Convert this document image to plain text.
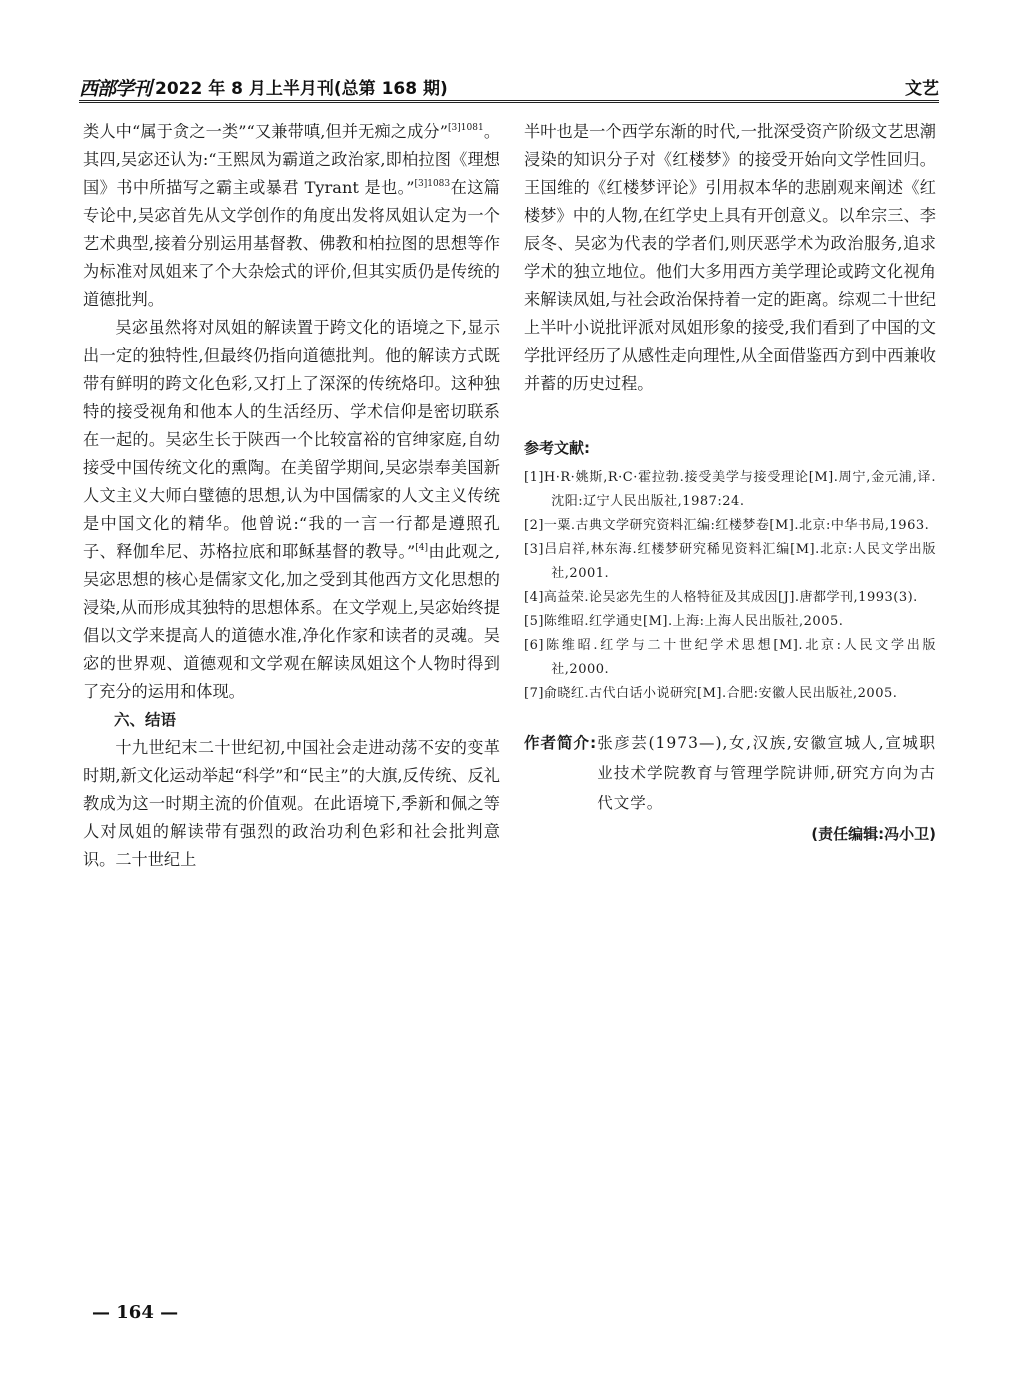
西部学刊 2022 年 8 月上半月刊(总第 168 期)	文艺

类人中“属于贪之一类”“又兼带嗔,但并无痴之成分”$^{[3]1081}$。其四,吴宓还认为:“王熙凤为霸道之政治家,即柏拉图《理想国》书中所描写之霸主或暴君 Tyrant 是也。”$^{[3]1083}$在这篇专论中,吴宓首先从文学创作的角度出发将凤姐认定为一个艺术典型,接着分别运用基督教、佛教和柏拉图的思想等作为标准对凤姐来了个大杂烩式的评价,但其实质仍是传统的道德批判。

吴宓虽然将对凤姐的解读置于跨文化的语境之下,显示出一定的独特性,但最终仍指向道德批判。他的解读方式既带有鲜明的跨文化色彩,又打上了深深的传统烙印。这种独特的接受视角和他本人的生活经历、学术信仰是密切联系在一起的。吴宓生长于陕西一个比较富裕的官绅家庭,自幼接受中国传统文化的熏陶。在美留学期间,吴宓崇奉美国新人文主义大师白璧德的思想,认为中国儒家的人文主义传统是中国文化的精华。他曾说:“我的一言一行都是遵照孔子、释伽牟尼、苏格拉底和耶稣基督的教导。”[4]由此观之,吴宓思想的核心是儒家文化,加之受到其他西方文化思想的浸染,从而形成其独特的思想体系。在文学观上,吴宓始终提倡以文学来提高人的道德水准,净化作家和读者的灵魂。吴宓的世界观、道德观和文学观在解读凤姐这个人物时得到了充分的运用和体现。

六、结语

十九世纪末二十世纪初,中国社会走进动荡不安的变革时期,新文化运动举起“科学”和“民主”的大旗,反传统、反礼教成为这一时期主流的价值观。在此语境下,季新和佩之等人对凤姐的解读带有强烈的政治功利色彩和社会批判意识。二十世纪上

半叶也是一个西学东渐的时代,一批深受资产阶级文艺思潮浸染的知识分子对《红楼梦》的接受开始向文学性回归。王国维的《红楼梦评论》引用叔本华的悲剧观来阐述《红楼梦》中的人物,在红学史上具有开创意义。以牟宗三、李辰冬、吴宓为代表的学者们,则厌恶学术为政治服务,追求学术的独立地位。他们大多用西方美学理论或跨文化视角来解读凤姐,与社会政治保持着一定的距离。综观二十世纪上半叶小说批评派对凤姐形象的接受,我们看到了中国的文学批评经历了从感性走向理性,从全面借鉴西方到中西兼收并蓄的历史过程。

参考文献:
[1]H·R·姚斯,R·C·霍拉勃.接受美学与接受理论[M].周宁,金元浦,译.沈阳:辽宁人民出版社,1987:24.
[2]一粟.古典文学研究资料汇编:红楼梦卷[M].北京:中华书局,1963.
[3]吕启祥,林东海.红楼梦研究稀见资料汇编[M].北京:人民文学出版社,2001.
[4]高益荣.论吴宓先生的人格特征及其成因[J].唐都学刊,1993(3).
[5]陈维昭.红学通史[M].上海:上海人民出版社,2005.
[6]陈维昭.红学与二十世纪学术思想[M].北京:人民文学出版社,2000.
[7]俞晓红.古代白话小说研究[M].合肥:安徽人民出版社,2005.
作者简介: 张彦芸(1973—),女,汉族,安徽宣城人,宣城职业技术学院教育与管理学院讲师,研究方向为古代文学。
(责任编辑:冯小卫)
— 164 —
